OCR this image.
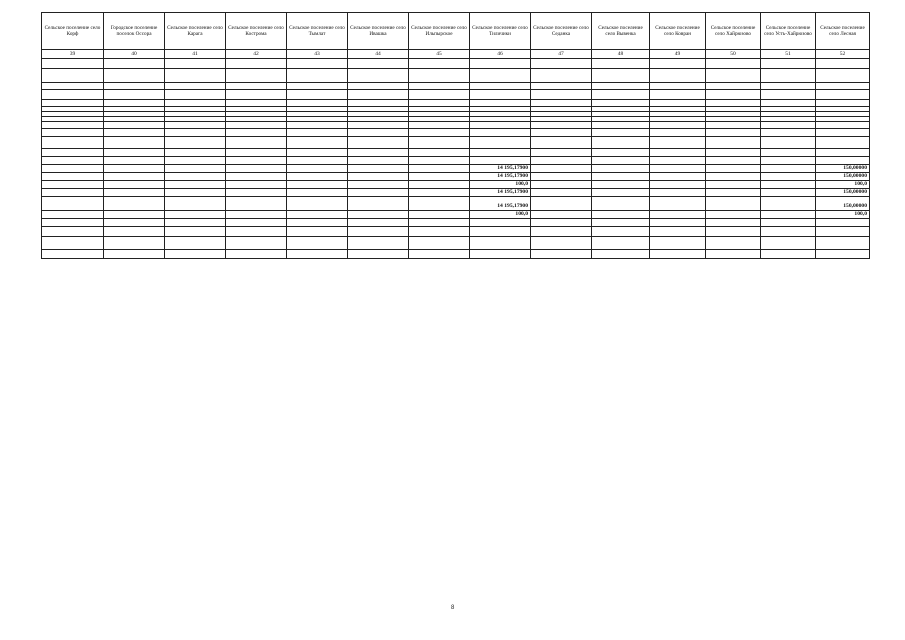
Сельское поселение село Корф	Городское поселение поселок Оссора	Сельское поселение село Карага	Сельское поселение село Кострома	Сельское поселение село Тымлат	Сельское поселение село Ивашка	Сельское поселение село Ильпырское	Сельское поселение село Тиличики	Сельское поселение село Седанка	Сельское поселение село Вывенка	Сельское поселение село Ковран	Сельское поселение село Хайрюзово	Сельское поселение село Усть-Хайрюзово	Сельское поселение село Лесная
39	40	41	42	43	44	45	46	47	48	49	50	51	52

							14 195,17900						150,00000
							14 195,17900						150,00000
							100,0						100,0
							14 195,17900						150,00000
							14 195,17900						150,00000
							100,0						100,0

8
